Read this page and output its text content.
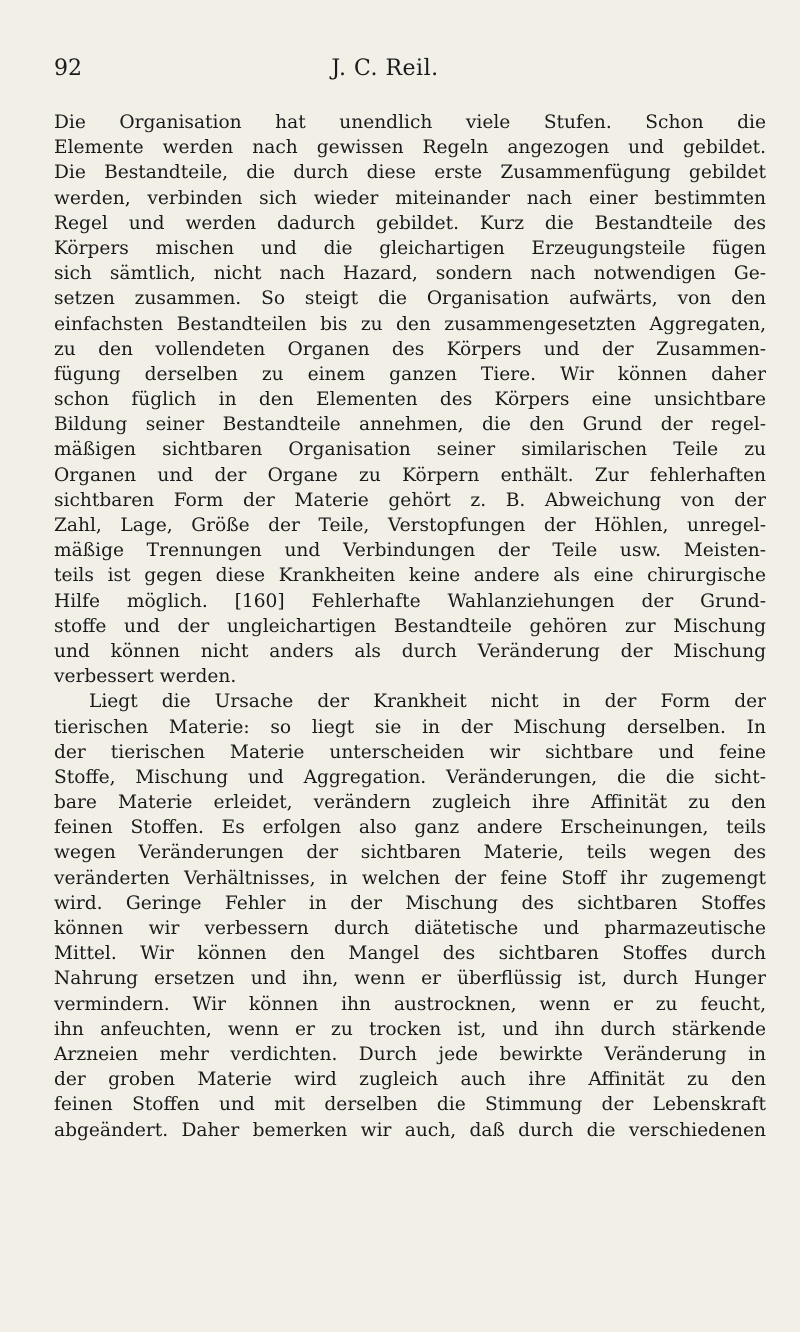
92	J. C. Reil.
Die Organisation hat unendlich viele Stufen. Schon die
Elemente werden nach gewissen Regeln angezogen und gebildet.
Die Bestandteile, die durch diese erste Zusammenfügung gebildet
werden, verbinden sich wieder miteinander nach einer bestimmten
Regel und werden dadurch gebildet. Kurz die Bestandteile des
Körpers mischen und die gleichartigen Erzeugungsteile fügen
sich sämtlich, nicht nach Hazard, sondern nach notwendigen Ge-
setzen zusammen. So steigt die Organisation aufwärts, von den
einfachsten Bestandteilen bis zu den zusammengesetzten Aggregaten,
zu den vollendeten Organen des Körpers und der Zusammen-
fügung derselben zu einem ganzen Tiere. Wir können daher
schon füglich in den Elementen des Körpers eine unsichtbare
Bildung seiner Bestandteile annehmen, die den Grund der regel-
mäßigen sichtbaren Organisation seiner similarischen Teile zu
Organen und der Organe zu Körpern enthält. Zur fehlerhaften
sichtbaren Form der Materie gehört z. B. Abweichung von der
Zahl, Lage, Größe der Teile, Verstopfungen der Höhlen, unregel-
mäßige Trennungen und Verbindungen der Teile usw. Meisten-
teils ist gegen diese Krankheiten keine andere als eine chirurgische
Hilfe möglich. [160] Fehlerhafte Wahlanziehungen der Grund-
stoffe und der ungleichartigen Bestandteile gehören zur Mischung
und können nicht anders als durch Veränderung der Mischung
verbessert werden.
Liegt die Ursache der Krankheit nicht in der Form der
tierischen Materie: so liegt sie in der Mischung derselben. In
der tierischen Materie unterscheiden wir sichtbare und feine
Stoffe, Mischung und Aggregation. Veränderungen, die die sicht-
bare Materie erleidet, verändern zugleich ihre Affinität zu den
feinen Stoffen. Es erfolgen also ganz andere Erscheinungen, teils
wegen Veränderungen der sichtbaren Materie, teils wegen des
veränderten Verhältnisses, in welchen der feine Stoff ihr zugemengt
wird. Geringe Fehler in der Mischung des sichtbaren Stoffes
können wir verbessern durch diätetische und pharmazeutische
Mittel. Wir können den Mangel des sichtbaren Stoffes durch
Nahrung ersetzen und ihn, wenn er überflüssig ist, durch Hunger
vermindern. Wir können ihn austrocknen, wenn er zu feucht,
ihn anfeuchten, wenn er zu trocken ist, und ihn durch stärkende
Arzneien mehr verdichten. Durch jede bewirkte Veränderung in
der groben Materie wird zugleich auch ihre Affinität zu den
feinen Stoffen und mit derselben die Stimmung der Lebenskraft
abgeändert. Daher bemerken wir auch, daß durch die verschiedenen
